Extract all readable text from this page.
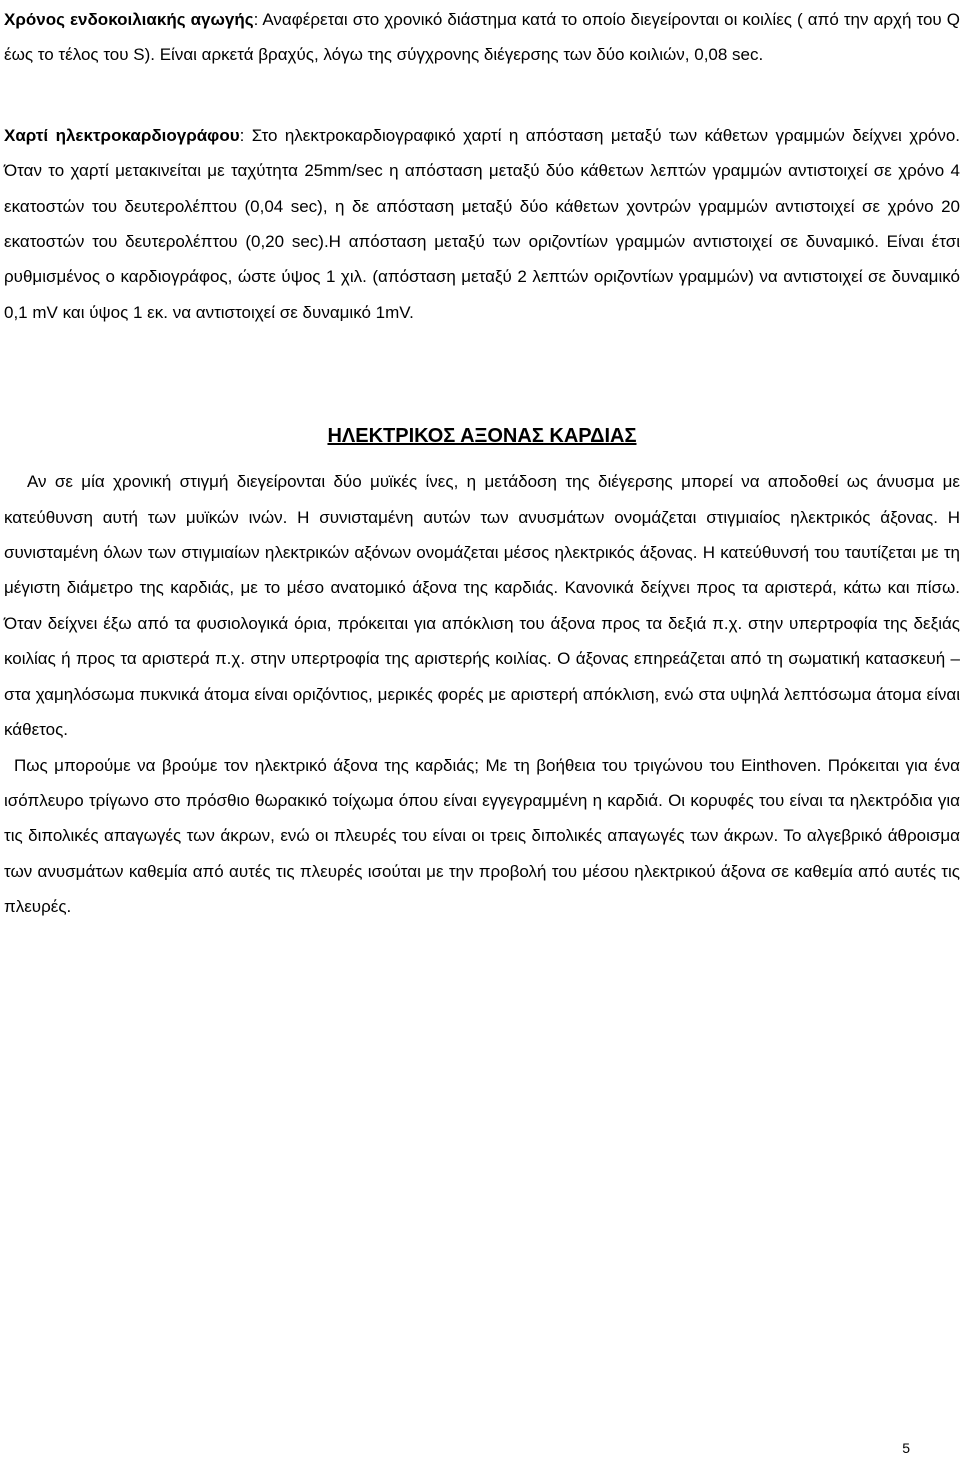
Χρόνος ενδοκοιλιακής αγωγής: Αναφέρεται στο χρονικό διάστημα κατά το οποίο διεγείρονται οι κοιλίες ( από την αρχή του Q έως το τέλος του S). Είναι αρκετά βραχύς, λόγω της σύγχρονης διέγερσης των δύο κοιλιών, 0,08 sec.

Χαρτί ηλεκτροκαρδιογράφου: Στο ηλεκτροκαρδιογραφικό χαρτί η απόσταση μεταξύ των κάθετων γραμμών δείχνει χρόνο. Όταν το χαρτί μετακινείται με ταχύτητα 25mm/sec η απόσταση μεταξύ δύο κάθετων λεπτών γραμμών αντιστοιχεί σε χρόνο 4 εκατοστών του δευτερολέπτου (0,04 sec), η δε απόσταση μεταξύ δύο κάθετων χοντρών γραμμών αντιστοιχεί σε χρόνο 20 εκατοστών του δευτερολέπτου (0,20 sec).Η απόσταση μεταξύ των οριζοντίων γραμμών αντιστοιχεί σε δυναμικό. Είναι έτσι ρυθμισμένος ο καρδιογράφος, ώστε ύψος 1 χιλ. (απόσταση μεταξύ 2 λεπτών οριζοντίων γραμμών) να αντιστοιχεί σε δυναμικό 0,1 mV και ύψος 1 εκ. να αντιστοιχεί σε δυναμικό 1mV.

ΗΛΕΚΤΡΙΚΟΣ ΑΞΟΝΑΣ ΚΑΡΔΙΑΣ

Αν σε μία χρονική στιγμή διεγείρονται δύο μυϊκές ίνες, η μετάδοση της διέγερσης μπορεί να αποδοθεί ως άνυσμα με κατεύθυνση αυτή των μυϊκών ινών. Η συνισταμένη αυτών των ανυσμάτων ονομάζεται στιγμιαίος ηλεκτρικός άξονας. Η συνισταμένη όλων των στιγμιαίων ηλεκτρικών αξόνων ονομάζεται μέσος ηλεκτρικός άξονας. Η κατεύθυνσή του ταυτίζεται με τη μέγιστη διάμετρο της καρδιάς, με το μέσο ανατομικό άξονα της καρδιάς. Κανονικά δείχνει προς τα αριστερά, κάτω και πίσω. Όταν δείχνει έξω από τα φυσιολογικά όρια, πρόκειται για απόκλιση του άξονα προς τα δεξιά π.χ. στην υπερτροφία της δεξιάς κοιλίας ή προς τα αριστερά π.χ. στην υπερτροφία της αριστερής κοιλίας. Ο άξονας επηρεάζεται από τη σωματική κατασκευή – στα χαμηλόσωμα πυκνικά άτομα είναι οριζόντιος, μερικές φορές με αριστερή απόκλιση, ενώ στα υψηλά λεπτόσωμα άτομα είναι κάθετος.

Πως μπορούμε να βρούμε τον ηλεκτρικό άξονα της καρδιάς; Με τη βοήθεια του τριγώνου του Einthoven. Πρόκειται για ένα ισόπλευρο τρίγωνο στο πρόσθιο θωρακικό τοίχωμα όπου είναι εγγεγραμμένη η καρδιά. Οι κορυφές του είναι τα ηλεκτρόδια για τις διπολικές απαγωγές των άκρων, ενώ οι πλευρές του είναι οι τρεις διπολικές απαγωγές των άκρων. Το αλγεβρικό άθροισμα των ανυσμάτων καθεμία από αυτές τις πλευρές ισούται με την προβολή του μέσου ηλεκτρικού άξονα σε καθεμία από αυτές τις πλευρές.

5
